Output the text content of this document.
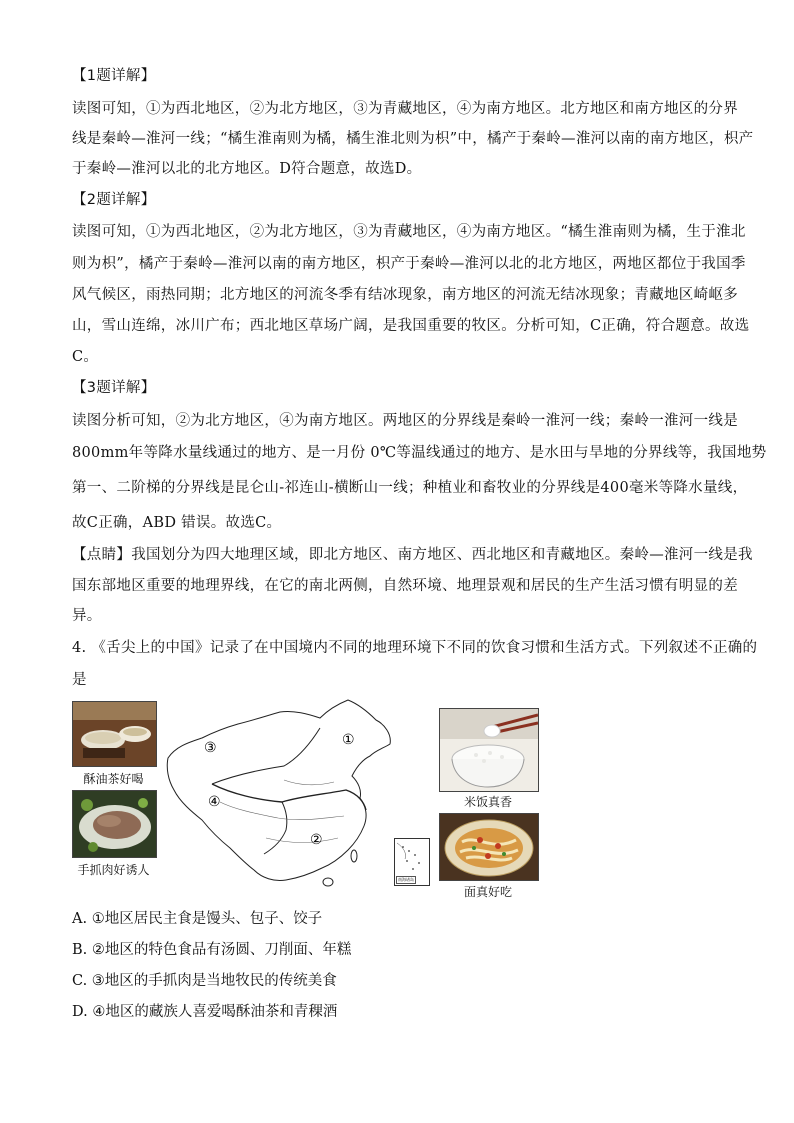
【1题详解】
读图可知，①为西北地区，②为北方地区，③为青藏地区，④为南方地区。北方地区和南方地区的分界
线是秦岭—淮河一线；“橘生淮南则为橘，橘生淮北则为枳”中，橘产于秦岭—淮河以南的南方地区，枳产
于秦岭—淮河以北的北方地区。D符合题意，故选D。
【2题详解】
读图可知，①为西北地区，②为北方地区，③为青藏地区，④为南方地区。“橘生淮南则为橘，生于淮北
则为枳”，橘产于秦岭—淮河以南的南方地区，枳产于秦岭—淮河以北的北方地区，两地区都位于我国季
风气候区，雨热同期；北方地区的河流冬季有结冰现象，南方地区的河流无结冰现象；青藏地区崎岖多
山，雪山连绵，冰川广布；西北地区草场广阔，是我国重要的牧区。分析可知，C正确，符合题意。故选
C。
【3题详解】
读图分析可知，②为北方地区，④为南方地区。两地区的分界线是秦岭一淮河一线；秦岭一淮河一线是
800mm年等降水量线通过的地方、是一月份 0℃等温线通过的地方、是水田与旱地的分界线等，我国地势
第一、二阶梯的分界线是昆仑山-祁连山-横断山一线；种植业和畜牧业的分界线是400毫米等降水量线，
故C正确，ABD 错误。故选C。
【点睛】我国划分为四大地理区域，即北方地区、南方地区、西北地区和青藏地区。秦岭—淮河一线是我
国东部地区重要的地理界线，在它的南北两侧，自然环境、地理景观和居民的生产生活习惯有明显的差
异。
4. 《舌尖上的中国》记录了在中国境内不同的地理环境下不同的饮食习惯和生活方式。下列叙述不正确的
是
酥油茶好喝
手抓肉好诱人
③	①
④
②
南海诸岛
米饭真香
面真好吃
A. ①地区居民主食是馒头、包子、饺子
B. ②地区的特色食品有汤圆、刀削面、年糕
C. ③地区的手抓肉是当地牧民的传统美食
D. ④地区的藏族人喜爱喝酥油茶和青稞酒
